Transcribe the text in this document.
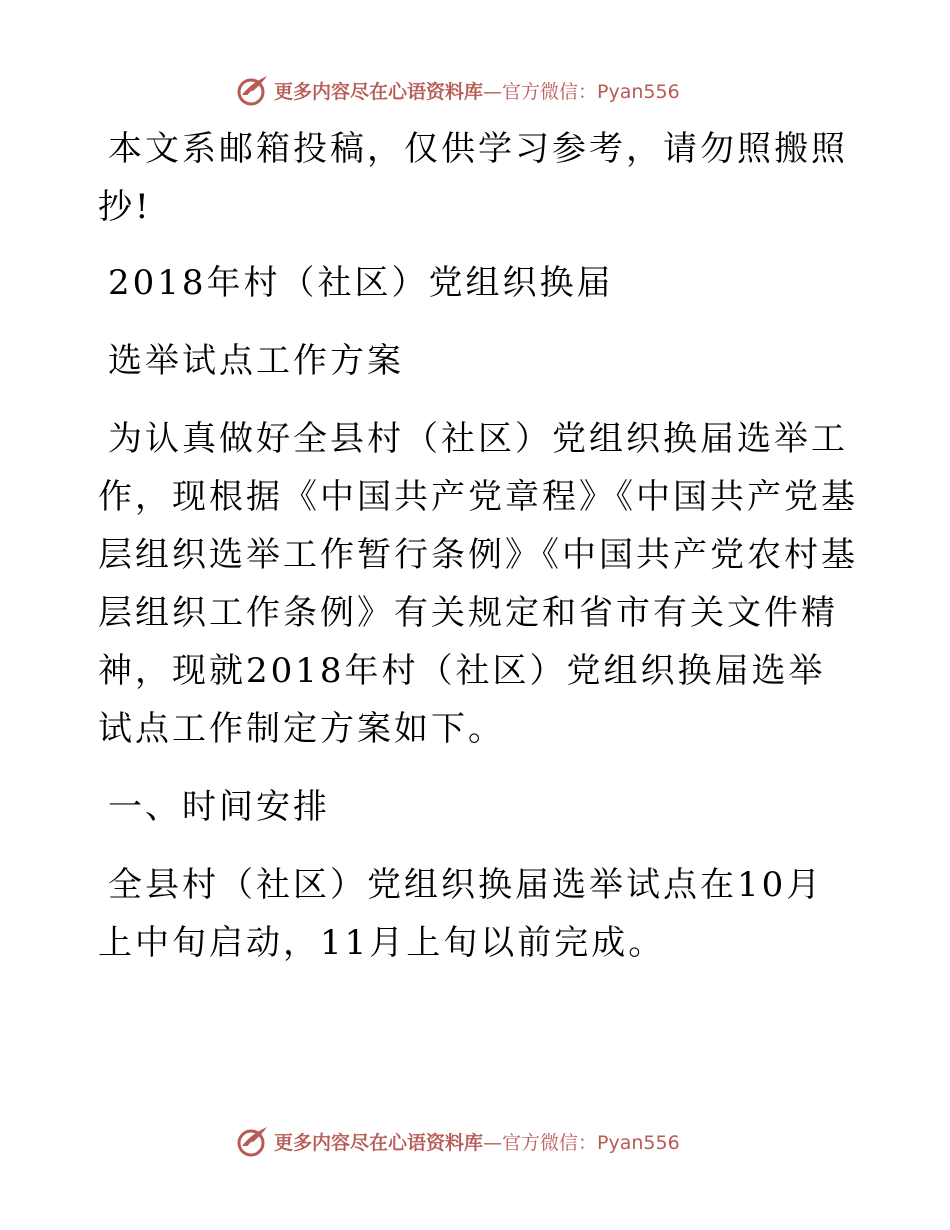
更多内容尽在心语资料库 —官方微信：Pyan556

本文系邮箱投稿，仅供学习参考，请勿照搬照抄!

2018年村（社区）党组织换届

选举试点工作方案

为认真做好全县村（社区）党组织换届选举工作，现根据《中国共产党章程》《中国共产党基层组织选举工作暂行条例》《中国共产党农村基层组织工作条例》有关规定和省市有关文件精神，现就2018年村（社区）党组织换届选举试点工作制定方案如下。

一、时间安排

全县村（社区）党组织换届选举试点在10月上中旬启动，11月上旬以前完成。

更多内容尽在心语资料库 —官方微信：Pyan556
